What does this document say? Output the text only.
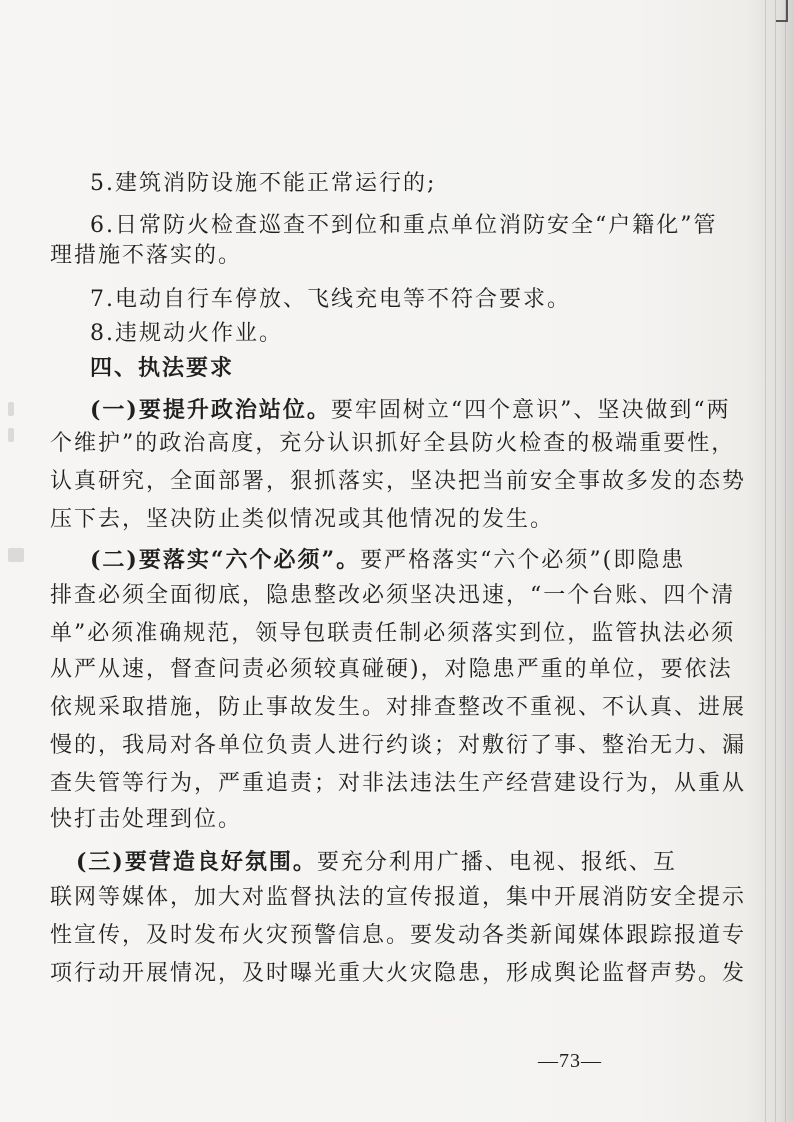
5.建筑消防设施不能正常运行的;
6.日常防火检查巡查不到位和重点单位消防安全“户籍化”管
理措施不落实的。
7.电动自行车停放、飞线充电等不符合要求。
8.违规动火作业。
四、执法要求
(一)要提升政治站位。要牢固树立“四个意识”、坚决做到“两
个维护”的政治高度，充分认识抓好全县防火检查的极端重要性，
认真研究，全面部署，狠抓落实，坚决把当前安全事故多发的态势
压下去，坚决防止类似情况或其他情况的发生。
(二)要落实“六个必须”。要严格落实“六个必须”(即隐患
排查必须全面彻底，隐患整改必须坚决迅速，“一个台账、四个清
单”必须准确规范，领导包联责任制必须落实到位，监管执法必须
从严从速，督查问责必须较真碰硬)，对隐患严重的单位，要依法
依规采取措施，防止事故发生。对排查整改不重视、不认真、进展
慢的，我局对各单位负责人进行约谈；对敷衍了事、整治无力、漏
查失管等行为，严重追责；对非法违法生产经营建设行为，从重从
快打击处理到位。
(三)要营造良好氛围。要充分利用广播、电视、报纸、互
联网等媒体，加大对监督执法的宣传报道，集中开展消防安全提示
性宣传，及时发布火灾预警信息。要发动各类新闻媒体跟踪报道专
项行动开展情况，及时曝光重大火灾隐患，形成舆论监督声势。发
—73—
